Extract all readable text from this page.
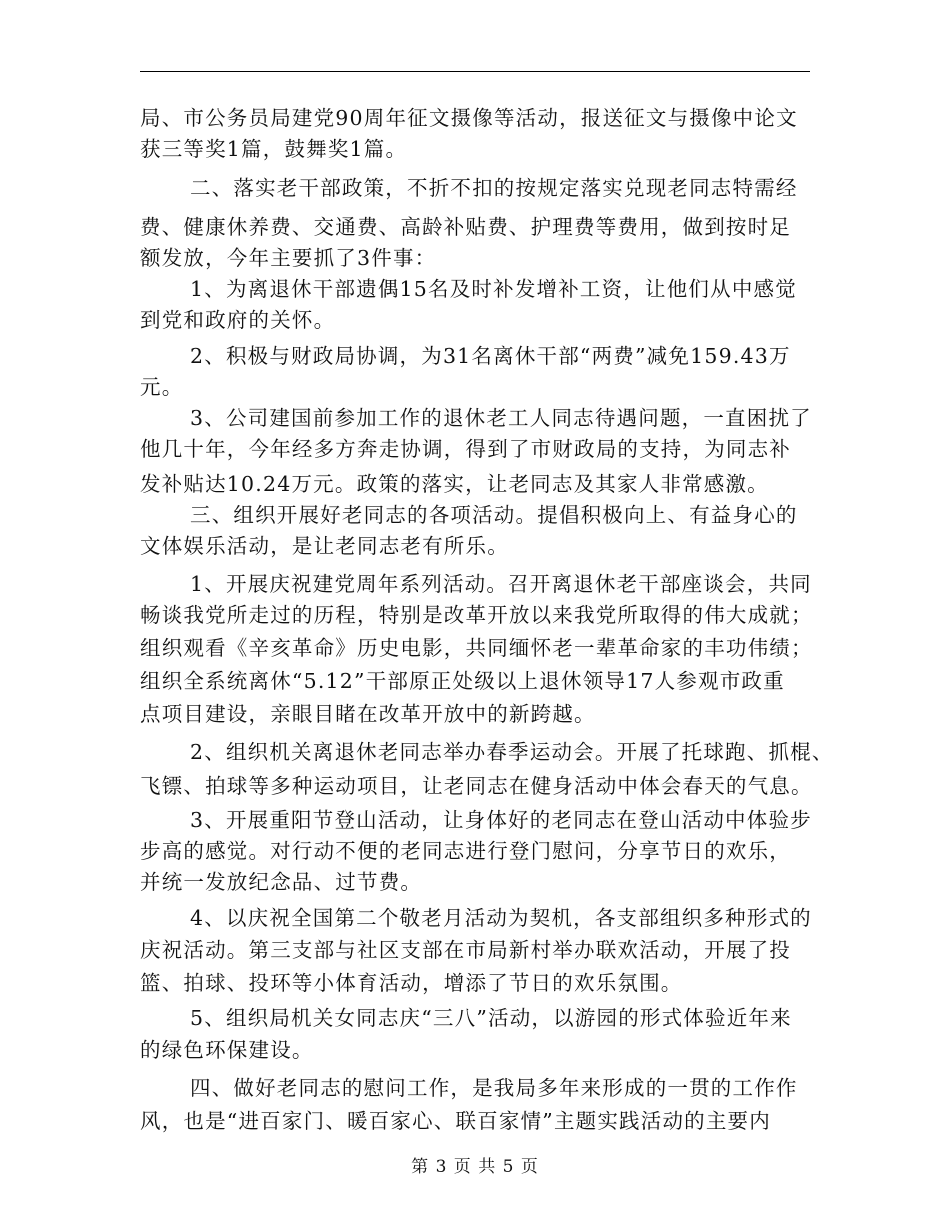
局、市公务员局建党90周年征文摄像等活动，报送征文与摄像中论文
获三等奖1篇，鼓舞奖1篇。
二、落实老干部政策，不折不扣的按规定落实兑现老同志特需经
费、健康休养费、交通费、高龄补贴费、护理费等费用，做到按时足
额发放，今年主要抓了3件事：
1、为离退休干部遗偶15名及时补发增补工资，让他们从中感觉
到党和政府的关怀。
2、积极与财政局协调，为31名离休干部“两费”减免159.43万
元。
3、公司建国前参加工作的退休老工人同志待遇问题，一直困扰了
他几十年，今年经多方奔走协调，得到了市财政局的支持，为同志补
发补贴达10.24万元。政策的落实，让老同志及其家人非常感激。
三、组织开展好老同志的各项活动。提倡积极向上、有益身心的
文体娱乐活动，是让老同志老有所乐。
1、开展庆祝建党周年系列活动。召开离退休老干部座谈会，共同
畅谈我党所走过的历程，特别是改革开放以来我党所取得的伟大成就；
组织观看《辛亥革命》历史电影，共同缅怀老一辈革命家的丰功伟绩；
组织全系统离休“5.12”干部原正处级以上退休领导17人参观市政重
点项目建设，亲眼目睹在改革开放中的新跨越。
2、组织机关离退休老同志举办春季运动会。开展了托球跑、抓棍、
飞镖、拍球等多种运动项目，让老同志在健身活动中体会春天的气息。
3、开展重阳节登山活动，让身体好的老同志在登山活动中体验步
步高的感觉。对行动不便的老同志进行登门慰问，分享节日的欢乐，
并统一发放纪念品、过节费。
4、以庆祝全国第二个敬老月活动为契机，各支部组织多种形式的
庆祝活动。第三支部与社区支部在市局新村举办联欢活动，开展了投
篮、拍球、投环等小体育活动，增添了节日的欢乐氛围。
5、组织局机关女同志庆“三八”活动，以游园的形式体验近年来
的绿色环保建设。
四、做好老同志的慰问工作，是我局多年来形成的一贯的工作作
风，也是“进百家门、暖百家心、联百家情”主题实践活动的主要内
第 3 页 共 5 页
